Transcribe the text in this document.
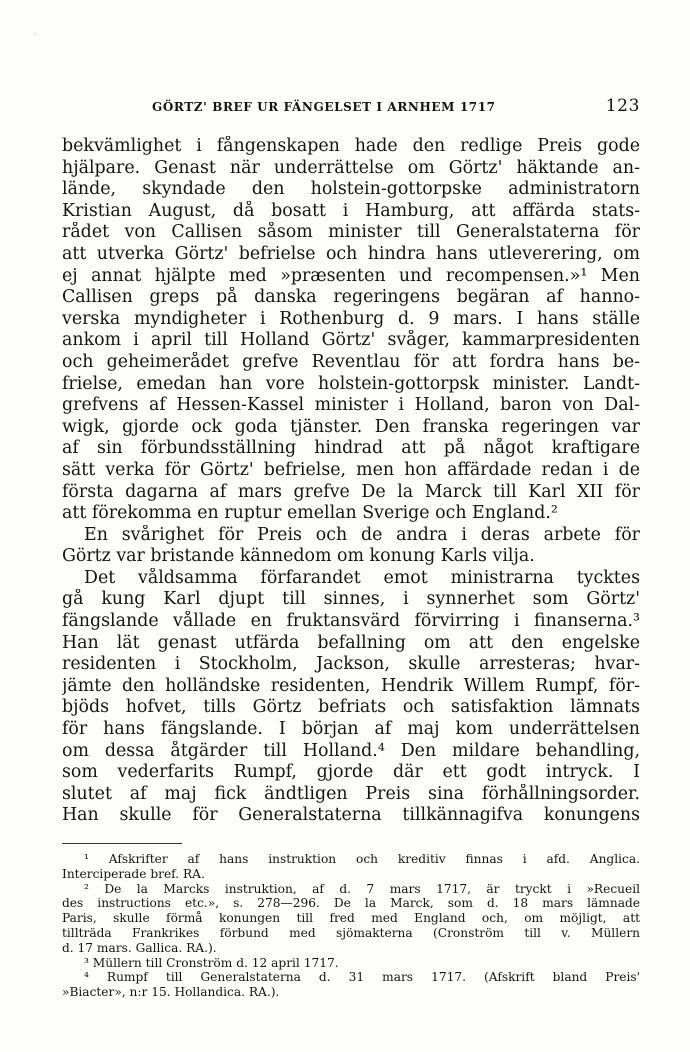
·
GÖRTZ' BREF UR FÄNGELSET I ARNHEM 1717	123
bekvämlighet i fångenskapen hade den redlige Preis gode
hjälpare. Genast när underrättelse om Görtz' häktande an-
lände, skyndade den holstein-gottorpske administratorn
Kristian August, då bosatt i Hamburg, att affärda stats-
rådet von Callisen såsom minister till Generalstaterna för
att utverka Görtz' befrielse och hindra hans utleverering, om
ej annat hjälpte med »præsenten und recompensen.»¹ Men
Callisen greps på danska regeringens begäran af hanno-
verska myndigheter i Rothenburg d. 9 mars. I hans ställe
ankom i april till Holland Görtz' svåger, kammarpresidenten
och geheimerådet grefve Reventlau för att fordra hans be-
frielse, emedan han vore holstein-gottorpsk minister. Landt-
grefvens af Hessen-Kassel minister i Holland, baron von Dal-
wigk, gjorde ock goda tjänster. Den franska regeringen var
af sin förbundsställning hindrad att på något kraftigare
sätt verka för Görtz' befrielse, men hon affärdade redan i de
första dagarna af mars grefve De la Marck till Karl XII för
att förekomma en ruptur emellan Sverige och England.²
En svårighet för Preis och de andra i deras arbete för
Görtz var bristande kännedom om konung Karls vilja.
Det våldsamma förfarandet emot ministrarna tycktes
gå kung Karl djupt till sinnes, i synnerhet som Görtz'
fängslande vållade en fruktansvärd förvirring i finanserna.³
Han lät genast utfärda befallning om att den engelske
residenten i Stockholm, Jackson, skulle arresteras; hvar-
jämte den holländske residenten, Hendrik Willem Rumpf, för-
bjöds hofvet, tills Görtz befriats och satisfaktion lämnats
för hans fängslande. I början af maj kom underrättelsen
om dessa åtgärder till Holland.⁴ Den mildare behandling,
som vederfarits Rumpf, gjorde där ett godt intryck. I
slutet af maj fick ändtligen Preis sina förhållningsorder.
Han skulle för Generalstaterna tillkännagifva konungens
¹ Afskrifter af hans instruktion och kreditiv finnas i afd. Anglica.
Interciperade bref. RA.
² De la Marcks instruktion, af d. 7 mars 1717, är tryckt i »Recueil
des instructions etc.», s. 278—296. De la Marck, som d. 18 mars lämnade
Paris, skulle förmå konungen till fred med England och, om möjligt, att
tillträda Frankrikes förbund med sjömakterna (Cronström till v. Müllern
d. 17 mars. Gallica. RA.).
³ Müllern till Cronström d. 12 april 1717.
⁴ Rumpf till Generalstaterna d. 31 mars 1717. (Afskrift bland Preis'
»Biacter», n:r 15. Hollandica. RA.).
